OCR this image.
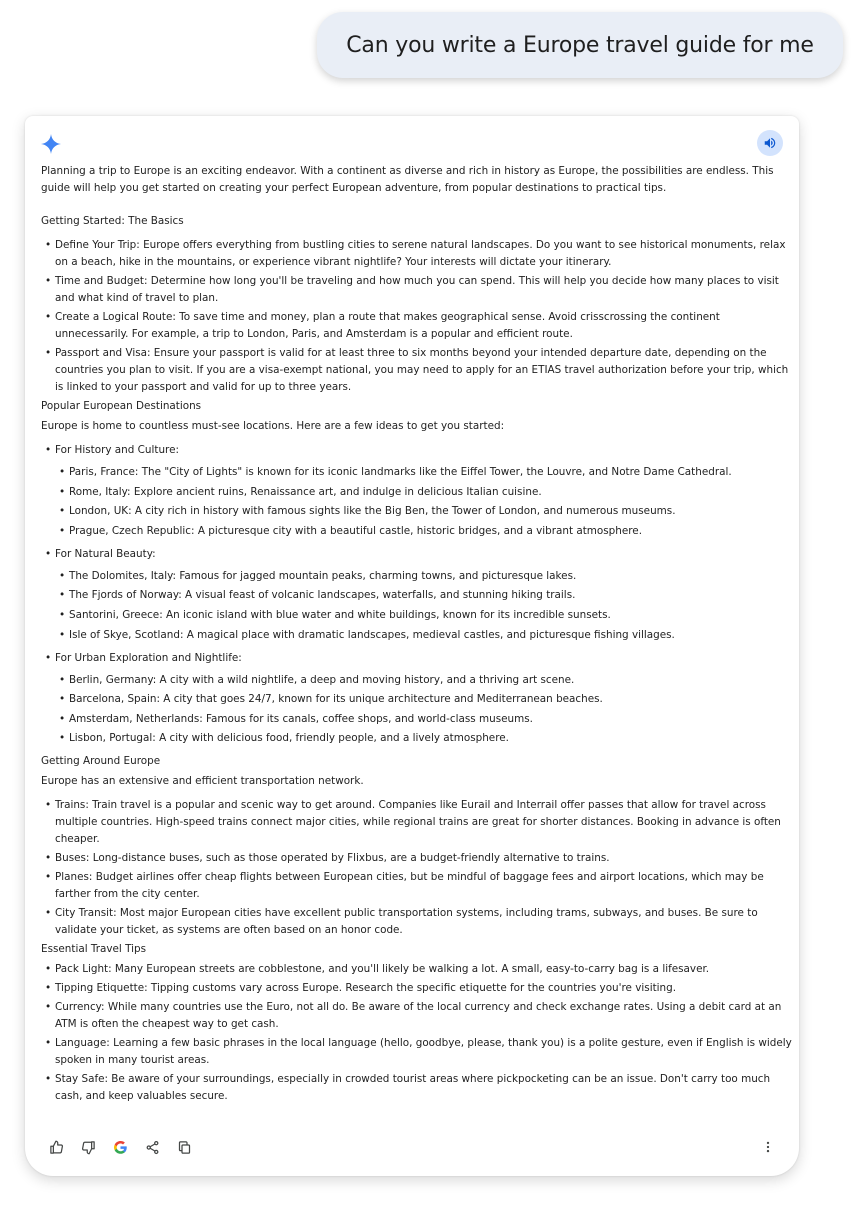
Can you write a Europe travel guide for me

Planning a trip to Europe is an exciting endeavor. With a continent as diverse and rich in history as Europe, the possibilities are endless. This guide will help you get started on creating your perfect European adventure, from popular destinations to practical tips.

Getting Started: The Basics

• Define Your Trip: Europe offers everything from bustling cities to serene natural landscapes. Do you want to see historical monuments, relax on a beach, hike in the mountains, or experience vibrant nightlife? Your interests will dictate your itinerary.
• Time and Budget: Determine how long you'll be traveling and how much you can spend. This will help you decide how many places to visit and what kind of travel to plan.
• Create a Logical Route: To save time and money, plan a route that makes geographical sense. Avoid crisscrossing the continent unnecessarily. For example, a trip to London, Paris, and Amsterdam is a popular and efficient route.
• Passport and Visa: Ensure your passport is valid for at least three to six months beyond your intended departure date, depending on the countries you plan to visit. If you are a visa-exempt national, you may need to apply for an ETIAS travel authorization before your trip, which is linked to your passport and valid for up to three years.

Popular European Destinations

Europe is home to countless must-see locations. Here are a few ideas to get you started:

• For History and Culture:
• Paris, France: The "City of Lights" is known for its iconic landmarks like the Eiffel Tower, the Louvre, and Notre Dame Cathedral.
• Rome, Italy: Explore ancient ruins, Renaissance art, and indulge in delicious Italian cuisine.
• London, UK: A city rich in history with famous sights like the Big Ben, the Tower of London, and numerous museums.
• Prague, Czech Republic: A picturesque city with a beautiful castle, historic bridges, and a vibrant atmosphere.
• For Natural Beauty:
• The Dolomites, Italy: Famous for jagged mountain peaks, charming towns, and picturesque lakes.
• The Fjords of Norway: A visual feast of volcanic landscapes, waterfalls, and stunning hiking trails.
• Santorini, Greece: An iconic island with blue water and white buildings, known for its incredible sunsets.
• Isle of Skye, Scotland: A magical place with dramatic landscapes, medieval castles, and picturesque fishing villages.
• For Urban Exploration and Nightlife:
• Berlin, Germany: A city with a wild nightlife, a deep and moving history, and a thriving art scene.
• Barcelona, Spain: A city that goes 24/7, known for its unique architecture and Mediterranean beaches.
• Amsterdam, Netherlands: Famous for its canals, coffee shops, and world-class museums.
• Lisbon, Portugal: A city with delicious food, friendly people, and a lively atmosphere.

Getting Around Europe

Europe has an extensive and efficient transportation network.

• Trains: Train travel is a popular and scenic way to get around. Companies like Eurail and Interrail offer passes that allow for travel across multiple countries. High-speed trains connect major cities, while regional trains are great for shorter distances. Booking in advance is often cheaper.
• Buses: Long-distance buses, such as those operated by Flixbus, are a budget-friendly alternative to trains.
• Planes: Budget airlines offer cheap flights between European cities, but be mindful of baggage fees and airport locations, which may be farther from the city center.
• City Transit: Most major European cities have excellent public transportation systems, including trams, subways, and buses. Be sure to validate your ticket, as systems are often based on an honor code.

Essential Travel Tips

• Pack Light: Many European streets are cobblestone, and you'll likely be walking a lot. A small, easy-to-carry bag is a lifesaver.
• Tipping Etiquette: Tipping customs vary across Europe. Research the specific etiquette for the countries you're visiting.
• Currency: While many countries use the Euro, not all do. Be aware of the local currency and check exchange rates. Using a debit card at an ATM is often the cheapest way to get cash.
• Language: Learning a few basic phrases in the local language (hello, goodbye, please, thank you) is a polite gesture, even if English is widely spoken in many tourist areas.
• Stay Safe: Be aware of your surroundings, especially in crowded tourist areas where pickpocketing can be an issue. Don't carry too much cash, and keep valuables secure.
